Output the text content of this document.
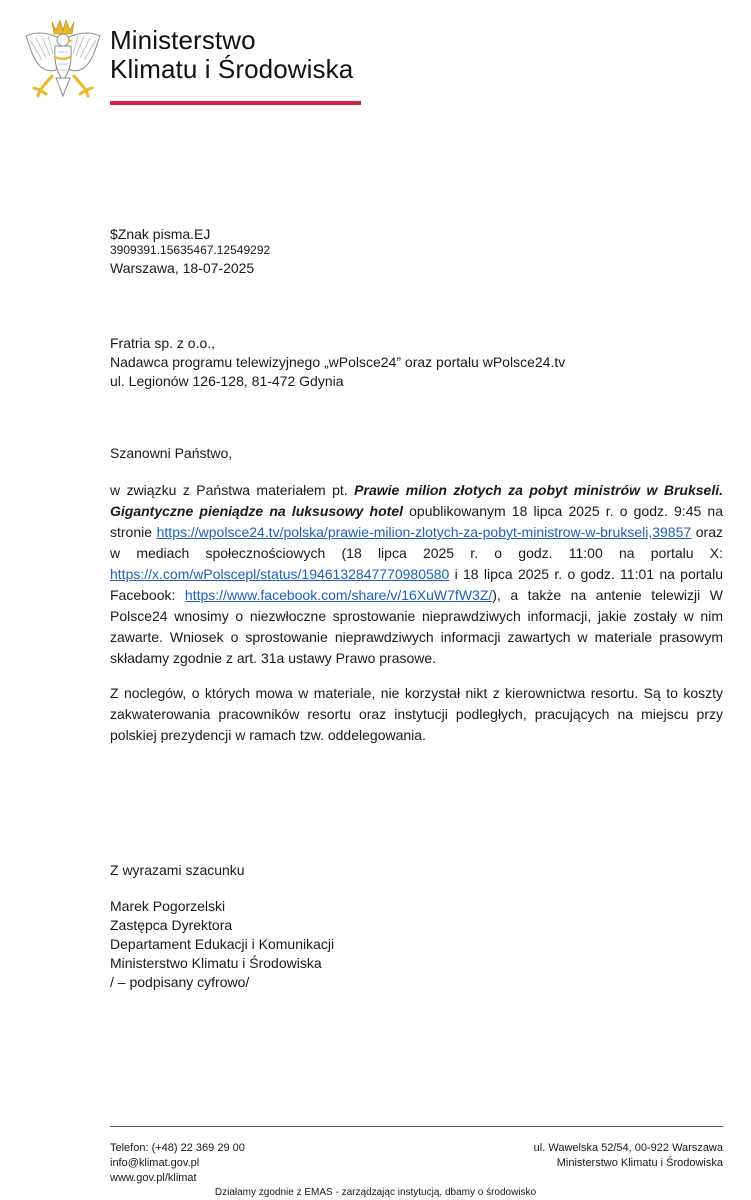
Ministerstwo
Klimatu i Środowiska
$Znak pisma.EJ
3909391.15635467.12549292
Warszawa, 18-07-2025
Fratria sp. z o.o.,
Nadawca programu telewizyjnego „wPolsce24” oraz portalu wPolsce24.tv
ul. Legionów 126-128, 81-472 Gdynia
Szanowni Państwo,

w związku z Państwa materiałem pt. Prawie milion złotych za pobyt ministrów w Brukseli. Gigantyczne pieniądze na luksusowy hotel opublikowanym 18 lipca 2025 r. o godz. 9:45 na stronie https://wpolsce24.tv/polska/prawie-milion-zlotych-za-pobyt-ministrow-w-brukseli,39857 oraz w mediach społecznościowych (18 lipca 2025 r. o godz. 11:00 na portalu X: https://x.com/wPolscepl/status/1946132847770980580 i 18 lipca 2025 r. o godz. 11:01 na portalu Facebook: https://www.facebook.com/share/v/16XuW7fW3Z/), a także na antenie telewizji W Polsce24 wnosimy o niezwłoczne sprostowanie nieprawdziwych informacji, jakie zostały w nim zawarte. Wniosek o sprostowanie nieprawdziwych informacji zawartych w materiale prasowym składamy zgodnie z art. 31a ustawy Prawo prasowe.

Z noclegów, o których mowa w materiale, nie korzystał nikt z kierownictwa resortu. Są to koszty zakwaterowania pracowników resortu oraz instytucji podległych, pracujących na miejscu przy polskiej prezydencji w ramach tzw. oddelegowania.

Z wyrazami szacunku
Marek Pogorzelski
Zastępca Dyrektora
Departament Edukacji i Komunikacji
Ministerstwo Klimatu i Środowiska
/ – podpisany cyfrowo/
Telefon: (+48) 22 369 29 00
info@klimat.gov.pl
www.gov.pl/klimat
ul. Wawelska 52/54, 00-922 Warszawa
Ministerstwo Klimatu i Środowiska
Działamy zgodnie z EMAS - zarządzając instytucją, dbamy o środowisko
